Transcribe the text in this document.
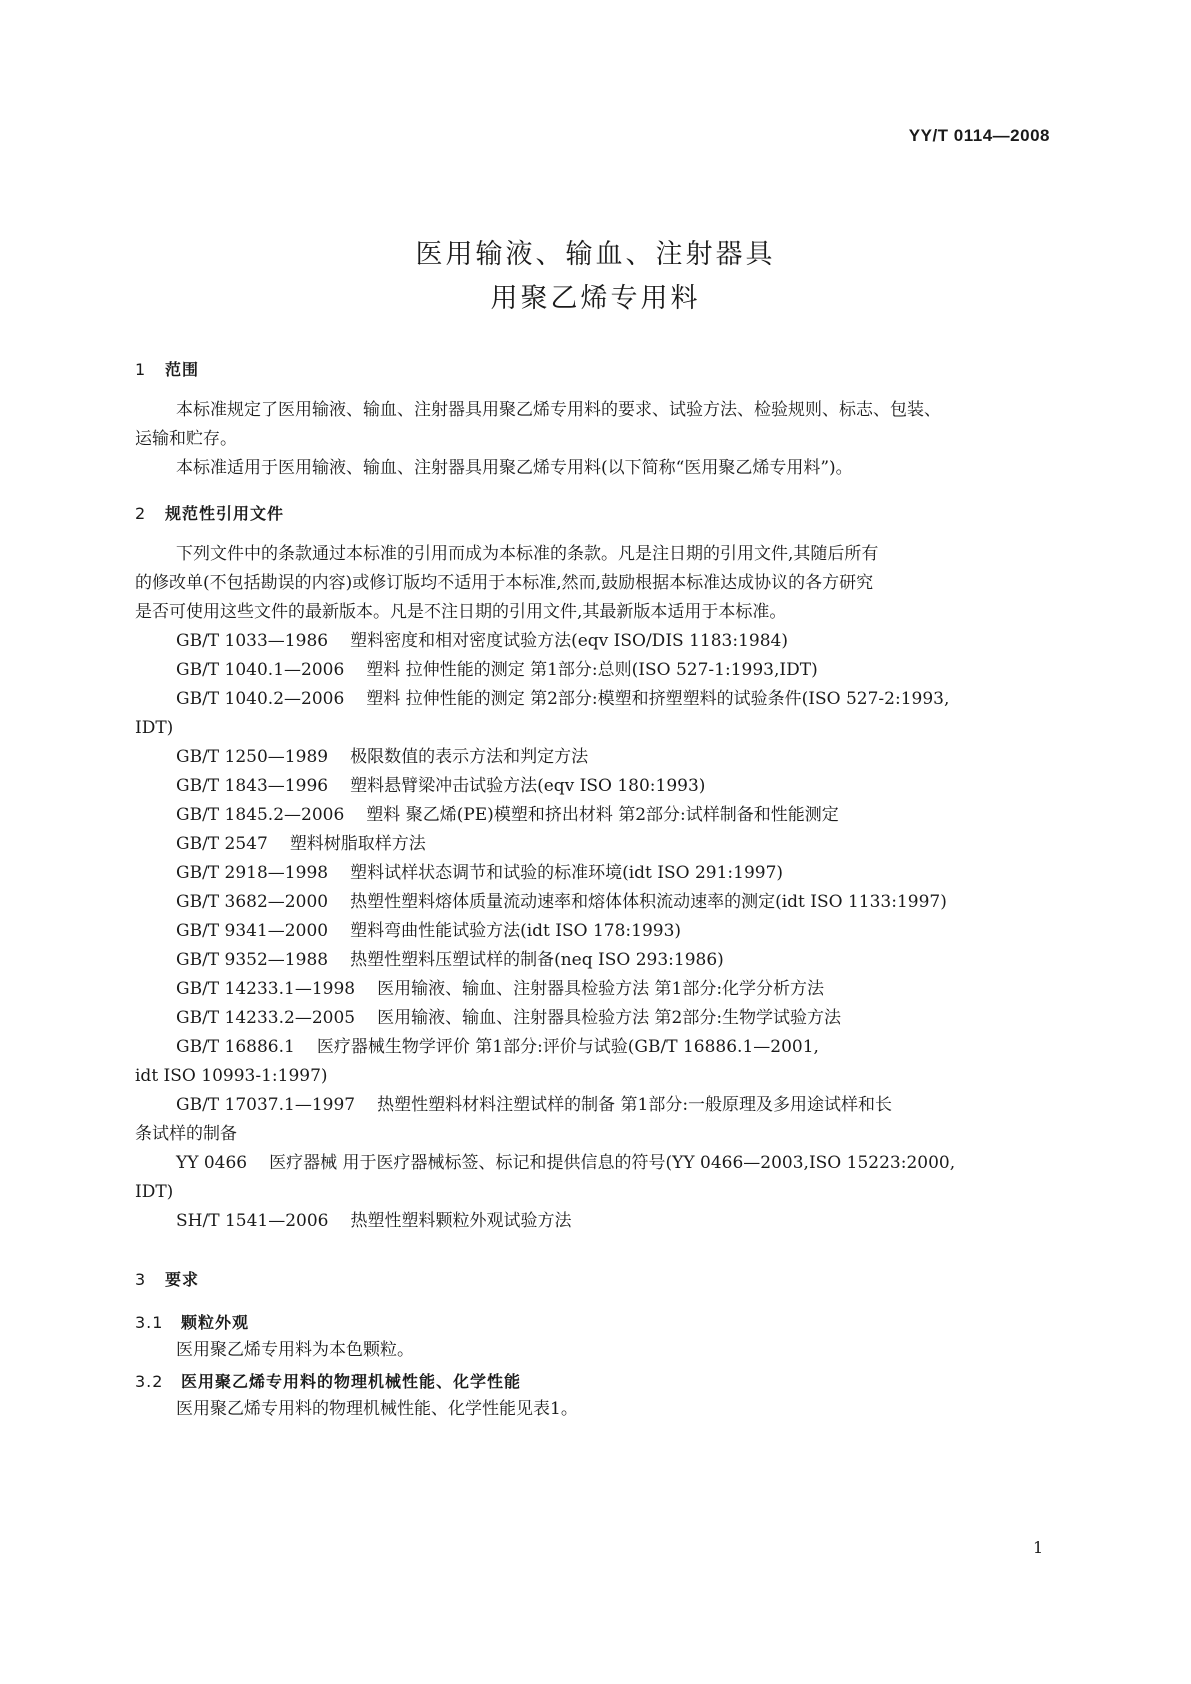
YY/T 0114—2008
医用输液、输血、注射器具
用聚乙烯专用料
1 范围
本标准规定了医用输液、输血、注射器具用聚乙烯专用料的要求、试验方法、检验规则、标志、包装、
运输和贮存。
本标准适用于医用输液、输血、注射器具用聚乙烯专用料(以下简称“医用聚乙烯专用料”)。
2 规范性引用文件
下列文件中的条款通过本标准的引用而成为本标准的条款。凡是注日期的引用文件,其随后所有
的修改单(不包括勘误的内容)或修订版均不适用于本标准,然而,鼓励根据本标准达成协议的各方研究
是否可使用这些文件的最新版本。凡是不注日期的引用文件,其最新版本适用于本标准。
GB/T 1033—1986 塑料密度和相对密度试验方法(eqv ISO/DIS 1183:1984)
GB/T 1040.1—2006 塑料 拉伸性能的测定 第1部分:总则(ISO 527-1:1993,IDT)
GB/T 1040.2—2006 塑料 拉伸性能的测定 第2部分:模塑和挤塑塑料的试验条件(ISO 527-2:1993,
IDT)
GB/T 1250—1989 极限数值的表示方法和判定方法
GB/T 1843—1996 塑料悬臂梁冲击试验方法(eqv ISO 180:1993)
GB/T 1845.2—2006 塑料 聚乙烯(PE)模塑和挤出材料 第2部分:试样制备和性能测定
GB/T 2547 塑料树脂取样方法
GB/T 2918—1998 塑料试样状态调节和试验的标准环境(idt ISO 291:1997)
GB/T 3682—2000 热塑性塑料熔体质量流动速率和熔体体积流动速率的测定(idt ISO 1133:1997)
GB/T 9341—2000 塑料弯曲性能试验方法(idt ISO 178:1993)
GB/T 9352—1988 热塑性塑料压塑试样的制备(neq ISO 293:1986)
GB/T 14233.1—1998 医用输液、输血、注射器具检验方法 第1部分:化学分析方法
GB/T 14233.2—2005 医用输液、输血、注射器具检验方法 第2部分:生物学试验方法
GB/T 16886.1 医疗器械生物学评价 第1部分:评价与试验(GB/T 16886.1—2001,
idt ISO 10993-1:1997)
GB/T 17037.1—1997 热塑性塑料材料注塑试样的制备 第1部分:一般原理及多用途试样和长
条试样的制备
YY 0466 医疗器械 用于医疗器械标签、标记和提供信息的符号(YY 0466—2003,ISO 15223:2000,
IDT)
SH/T 1541—2006 热塑性塑料颗粒外观试验方法
3 要求
3.1 颗粒外观
医用聚乙烯专用料为本色颗粒。
3.2 医用聚乙烯专用料的物理机械性能、化学性能
医用聚乙烯专用料的物理机械性能、化学性能见表1。
1
